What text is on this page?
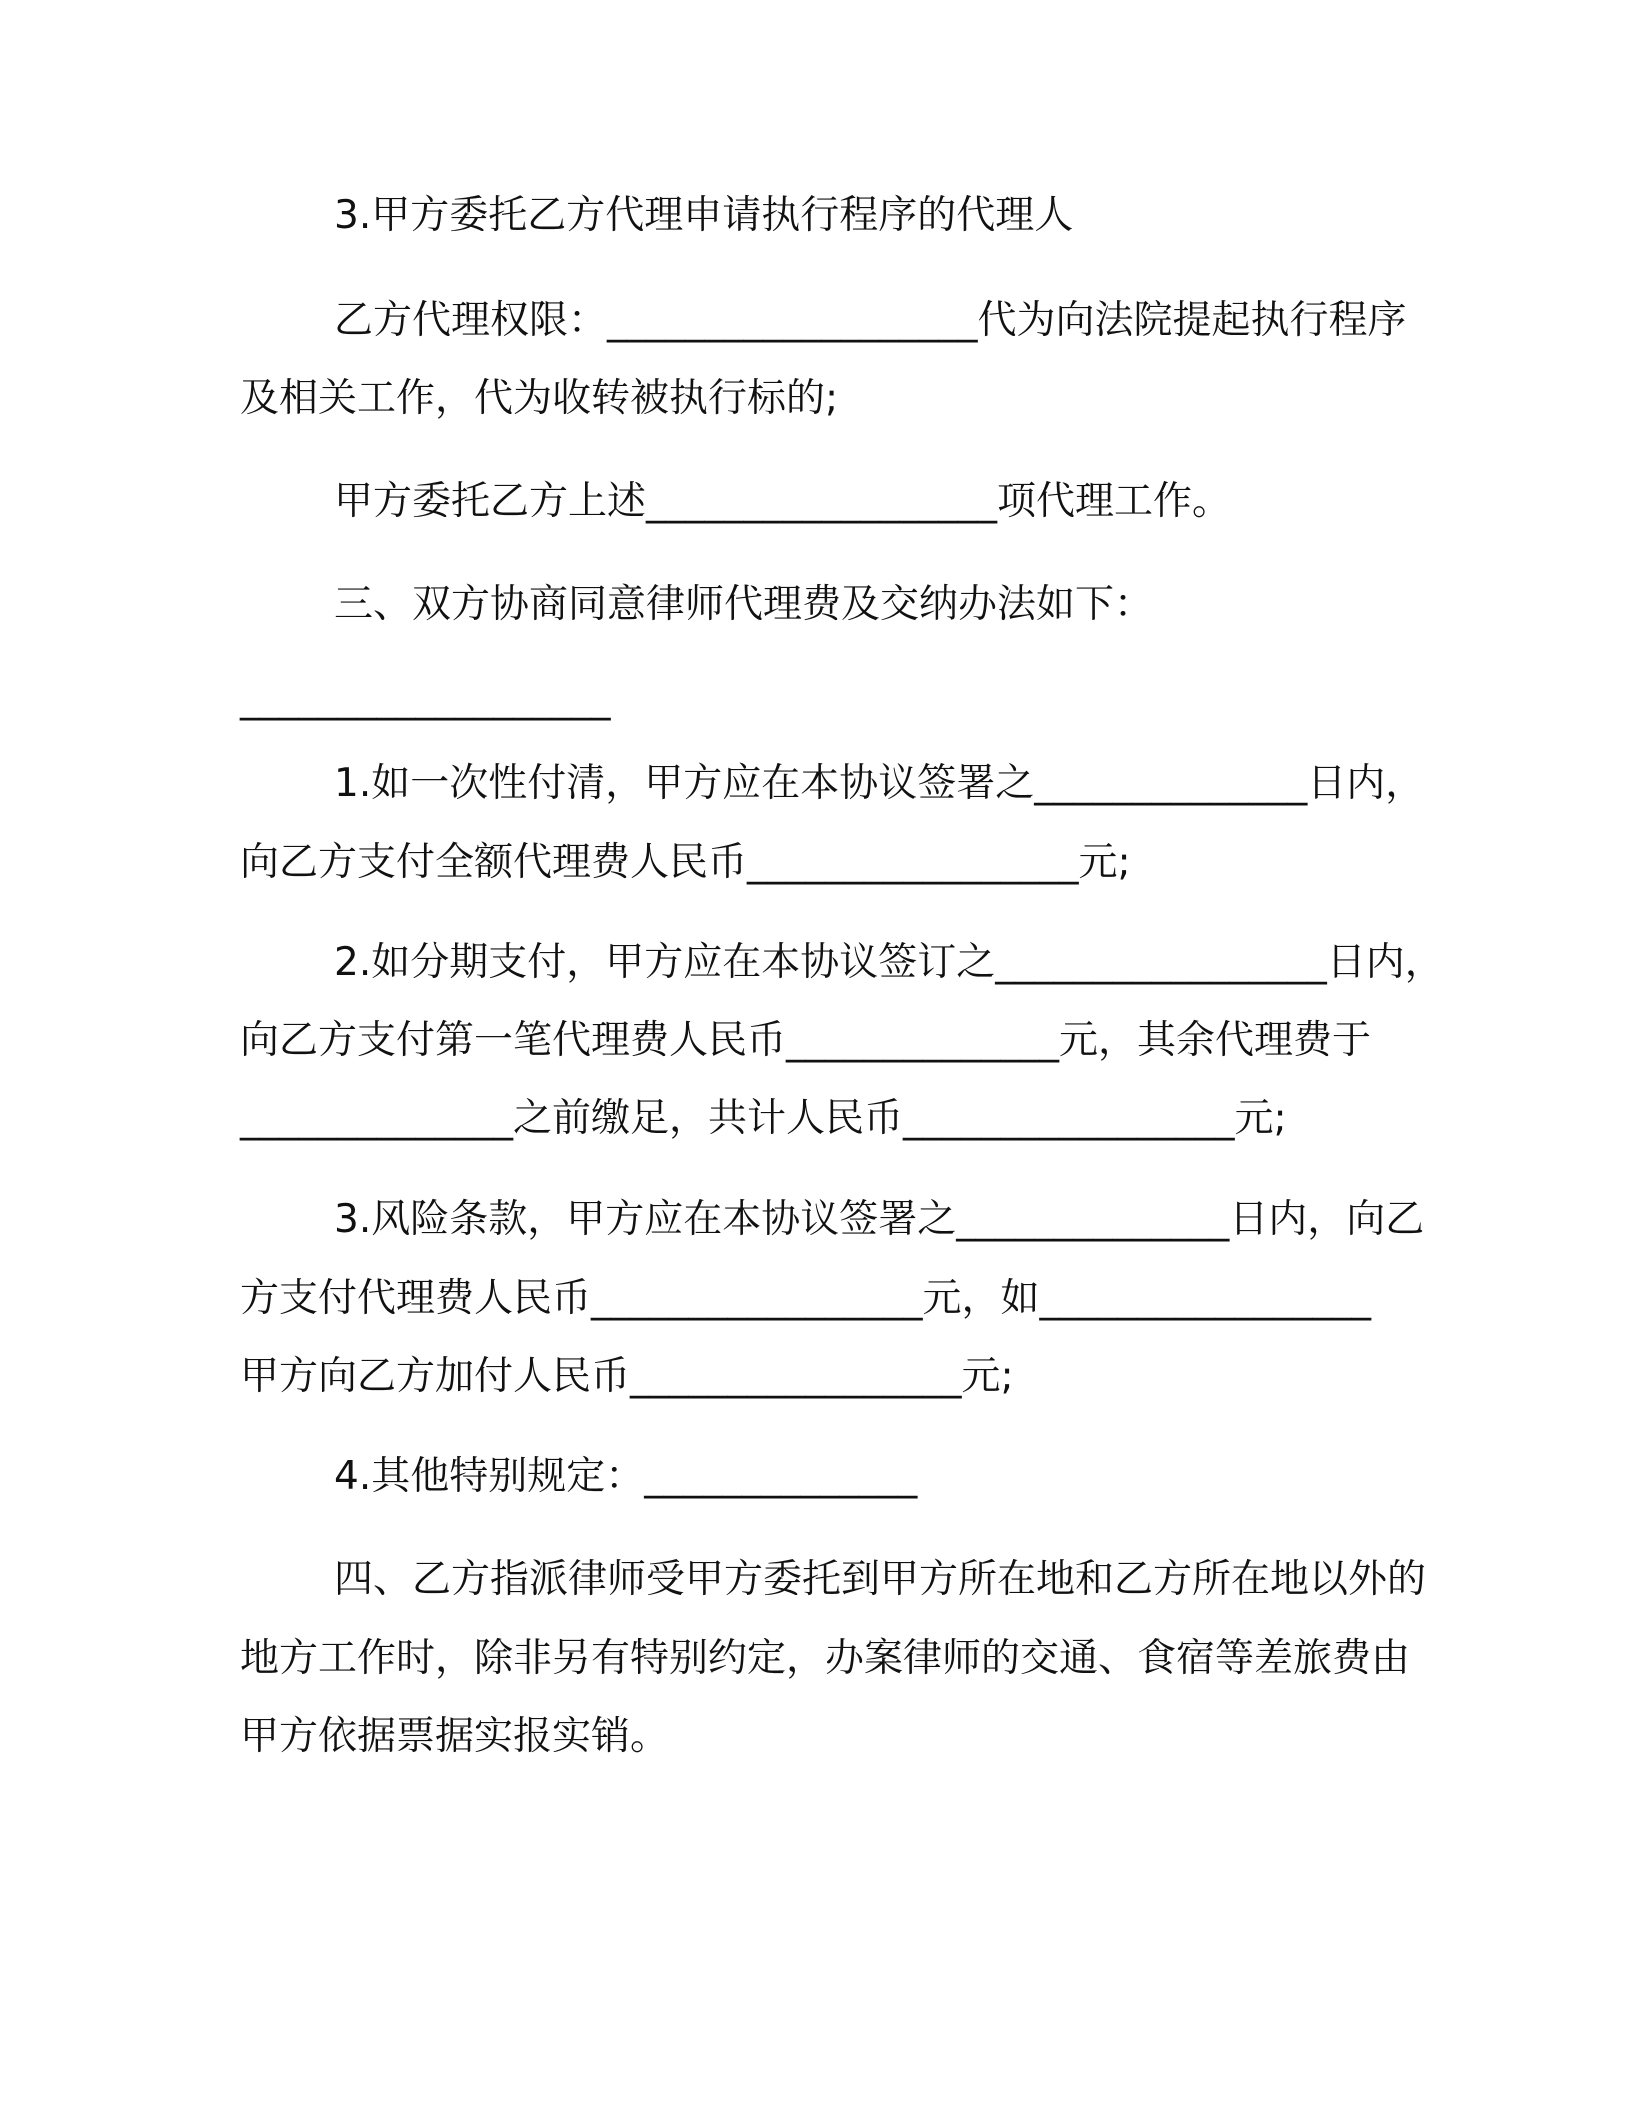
3.甲方委托乙方代理申请执行程序的代理人

乙方代理权限：___________________代为向法院提起执行程序

及相关工作，代为收转被执行标的;

甲方委托乙方上述__________________项代理工作。

三、双方协商同意律师代理费及交纳办法如下：

___________________

1.如一次性付清，甲方应在本协议签署之______________日内，

向乙方支付全额代理费人民币_________________元;

2.如分期支付，甲方应在本协议签订之_________________日内，

向乙方支付第一笔代理费人民币______________元，其余代理费于

______________之前缴足，共计人民币_________________元;

3.风险条款，甲方应在本协议签署之______________日内，向乙

方支付代理费人民币_________________元，如_________________

甲方向乙方加付人民币_________________元;

4.其他特别规定：______________

四、乙方指派律师受甲方委托到甲方所在地和乙方所在地以外的

地方工作时，除非另有特别约定，办案律师的交通、食宿等差旅费由

甲方依据票据实报实销。
